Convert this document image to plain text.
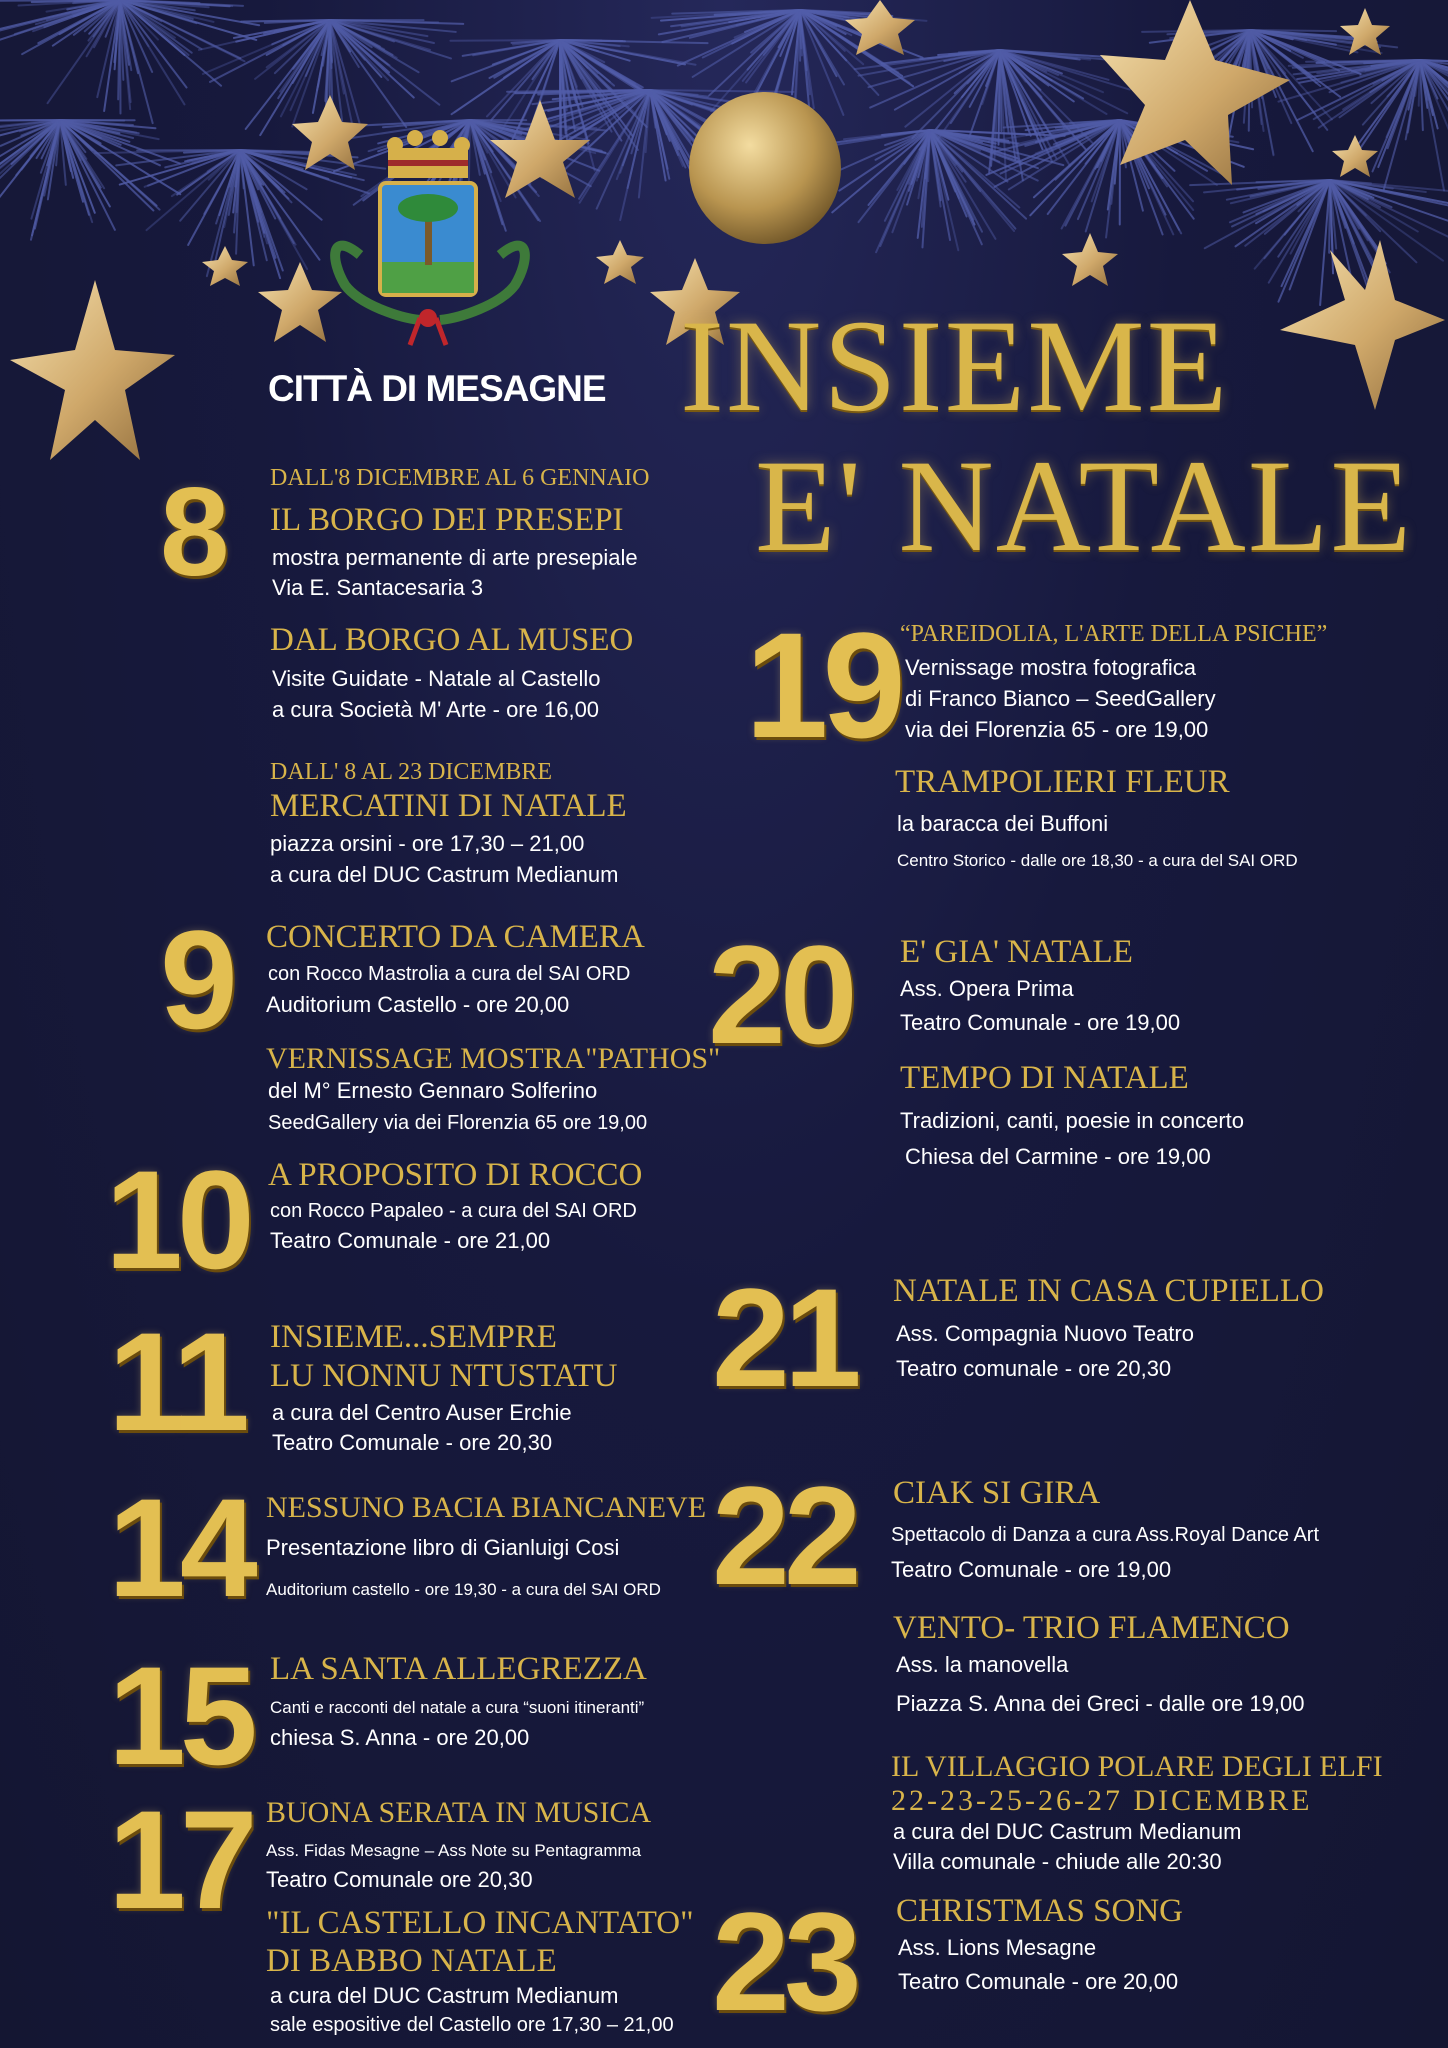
CITTÀ DI MESAGNE INSIEME
E' NATALE
8 DALL'8 DICEMBRE AL 6 GENNAIO
IL BORGO DEI PRESEPI
mostra permanente di arte presepiale
Via E. Santacesaria 3
DAL BORGO AL MUSEO
Visite Guidate - Natale al Castello
a cura Società M' Arte - ore 16,00
DALL' 8 AL 23 DICEMBRE
MERCATINI DI NATALE
piazza orsini - ore 17,30 – 21,00
a cura del DUC Castrum Medianum
9 CONCERTO DA CAMERA
con Rocco Mastrolia a cura del SAI ORD
Auditorium Castello - ore 20,00
VERNISSAGE MOSTRA"PATHOS"
del M° Ernesto Gennaro Solferino
SeedGallery via dei Florenzia 65 ore 19,00
10 A PROPOSITO DI ROCCO
con Rocco Papaleo - a cura del SAI ORD
Teatro Comunale - ore 21,00
11 INSIEME...SEMPRE
LU NONNU NTUSTATU
a cura del Centro Auser Erchie
Teatro Comunale - ore 20,30
14 NESSUNO BACIA BIANCANEVE
Presentazione libro di Gianluigi Cosi
Auditorium castello - ore 19,30 - a cura del SAI ORD
15 LA SANTA ALLEGREZZA
Canti e racconti del natale a cura “suoni itineranti”
chiesa S. Anna - ore 20,00
17 BUONA SERATA IN MUSICA
Ass. Fidas Mesagne – Ass Note su Pentagramma
Teatro Comunale ore 20,30
"IL CASTELLO INCANTATO"
DI BABBO NATALE
a cura del DUC Castrum Medianum
sale espositive del Castello ore 17,30 – 21,00
19 “PAREIDOLIA, L'ARTE DELLA PSICHE”
Vernissage mostra fotografica
di Franco Bianco – SeedGallery
via dei Florenzia 65 - ore 19,00
TRAMPOLIERI FLEUR
la baracca dei Buffoni
Centro Storico - dalle ore 18,30 - a cura del SAI ORD
20 E' GIA' NATALE
Ass. Opera Prima
Teatro Comunale - ore 19,00
TEMPO DI NATALE
Tradizioni, canti, poesie in concerto
Chiesa del Carmine - ore 19,00
21 NATALE IN CASA CUPIELLO
Ass. Compagnia Nuovo Teatro
Teatro comunale - ore 20,30
22 CIAK SI GIRA
Spettacolo di Danza a cura Ass.Royal Dance Art
Teatro Comunale - ore 19,00
VENTO- TRIO FLAMENCO
Ass. la manovella
Piazza S. Anna dei Greci - dalle ore 19,00
IL VILLAGGIO POLARE DEGLI ELFI
22-23-25-26-27 DICEMBRE
a cura del DUC Castrum Medianum
Villa comunale - chiude alle 20:30
23 CHRISTMAS SONG
Ass. Lions Mesagne
Teatro Comunale - ore 20,00
